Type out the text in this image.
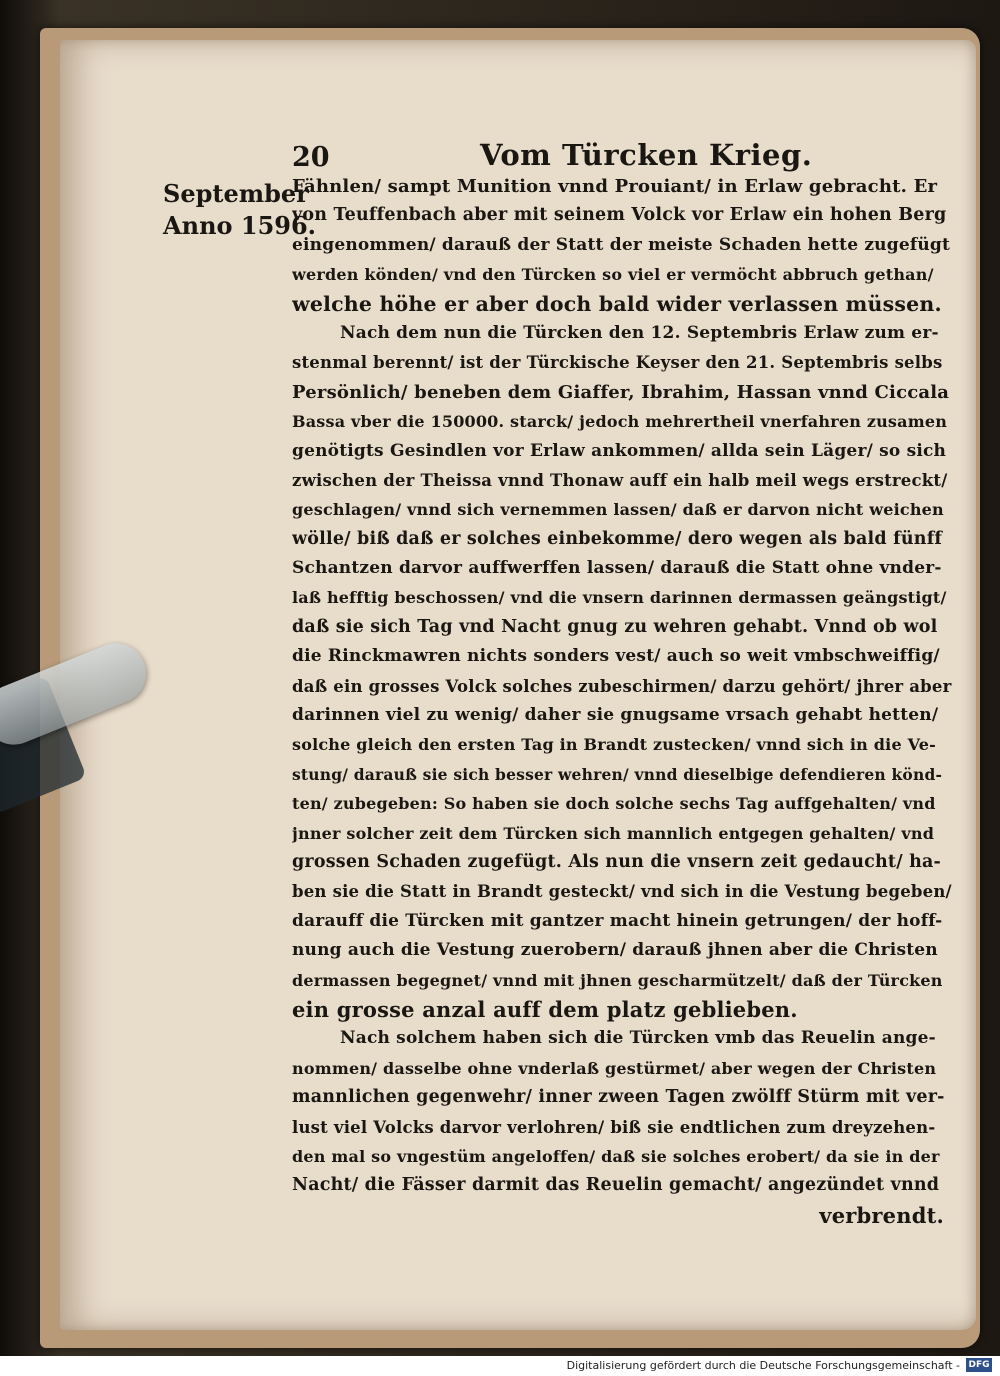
20	Vom Türcken Krieg.
September
Anno 1596.
Fähnlen/ sampt Munition vnnd Prouiant/ in Erlaw gebracht. Er
von Teuffenbach aber mit seinem Volck vor Erlaw ein hohen Berg
eingenommen/ darauß der Statt der meiste Schaden hette zugefügt
werden könden/ vnd den Türcken so viel er vermöcht abbruch gethan/
welche höhe er aber doch bald wider verlassen müssen.
Nach dem nun die Türcken den 12. Septembris Erlaw zum er-
stenmal berennt/ ist der Türckische Keyser den 21. Septembris selbs
Persönlich/ beneben dem Giaffer, Ibrahim, Hassan vnnd Ciccala
Bassa vber die 150000. starck/ jedoch mehrertheil vnerfahren zusamen
genötigts Gesindlen vor Erlaw ankommen/ allda sein Läger/ so sich
zwischen der Theissa vnnd Thonaw auff ein halb meil wegs erstreckt/
geschlagen/ vnnd sich vernemmen lassen/ daß er darvon nicht weichen
wölle/ biß daß er solches einbekomme/ dero wegen als bald fünff
Schantzen darvor auffwerffen lassen/ darauß die Statt ohne vnder-
laß hefftig beschossen/ vnd die vnsern darinnen dermassen geängstigt/
daß sie sich Tag vnd Nacht gnug zu wehren gehabt. Vnnd ob wol
die Rinckmawren nichts sonders vest/ auch so weit vmbschweiffig/
daß ein grosses Volck solches zubeschirmen/ darzu gehört/ jhrer aber
darinnen viel zu wenig/ daher sie gnugsame vrsach gehabt hetten/
solche gleich den ersten Tag in Brandt zustecken/ vnnd sich in die Ve-
stung/ darauß sie sich besser wehren/ vnnd dieselbige defendieren könd-
ten/ zubegeben: So haben sie doch solche sechs Tag auffgehalten/ vnd
jnner solcher zeit dem Türcken sich mannlich entgegen gehalten/ vnd
grossen Schaden zugefügt. Als nun die vnsern zeit gedaucht/ ha-
ben sie die Statt in Brandt gesteckt/ vnd sich in die Vestung begeben/
darauff die Türcken mit gantzer macht hinein getrungen/ der hoff-
nung auch die Vestung zuerobern/ darauß jhnen aber die Christen
dermassen begegnet/ vnnd mit jhnen gescharmützelt/ daß der Türcken
ein grosse anzal auff dem platz geblieben.
Nach solchem haben sich die Türcken vmb das Reuelin ange-
nommen/ dasselbe ohne vnderlaß gestürmet/ aber wegen der Christen
mannlichen gegenwehr/ inner zween Tagen zwölff Stürm mit ver-
lust viel Volcks darvor verlohren/ biß sie endtlichen zum dreyzehen-
den mal so vngestüm angeloffen/ daß sie solches erobert/ da sie in der
Nacht/ die Fässer darmit das Reuelin gemacht/ angezündet vnnd
verbrendt.
Digitalisierung gefördert durch die Deutsche Forschungsgemeinschaft - DFG
